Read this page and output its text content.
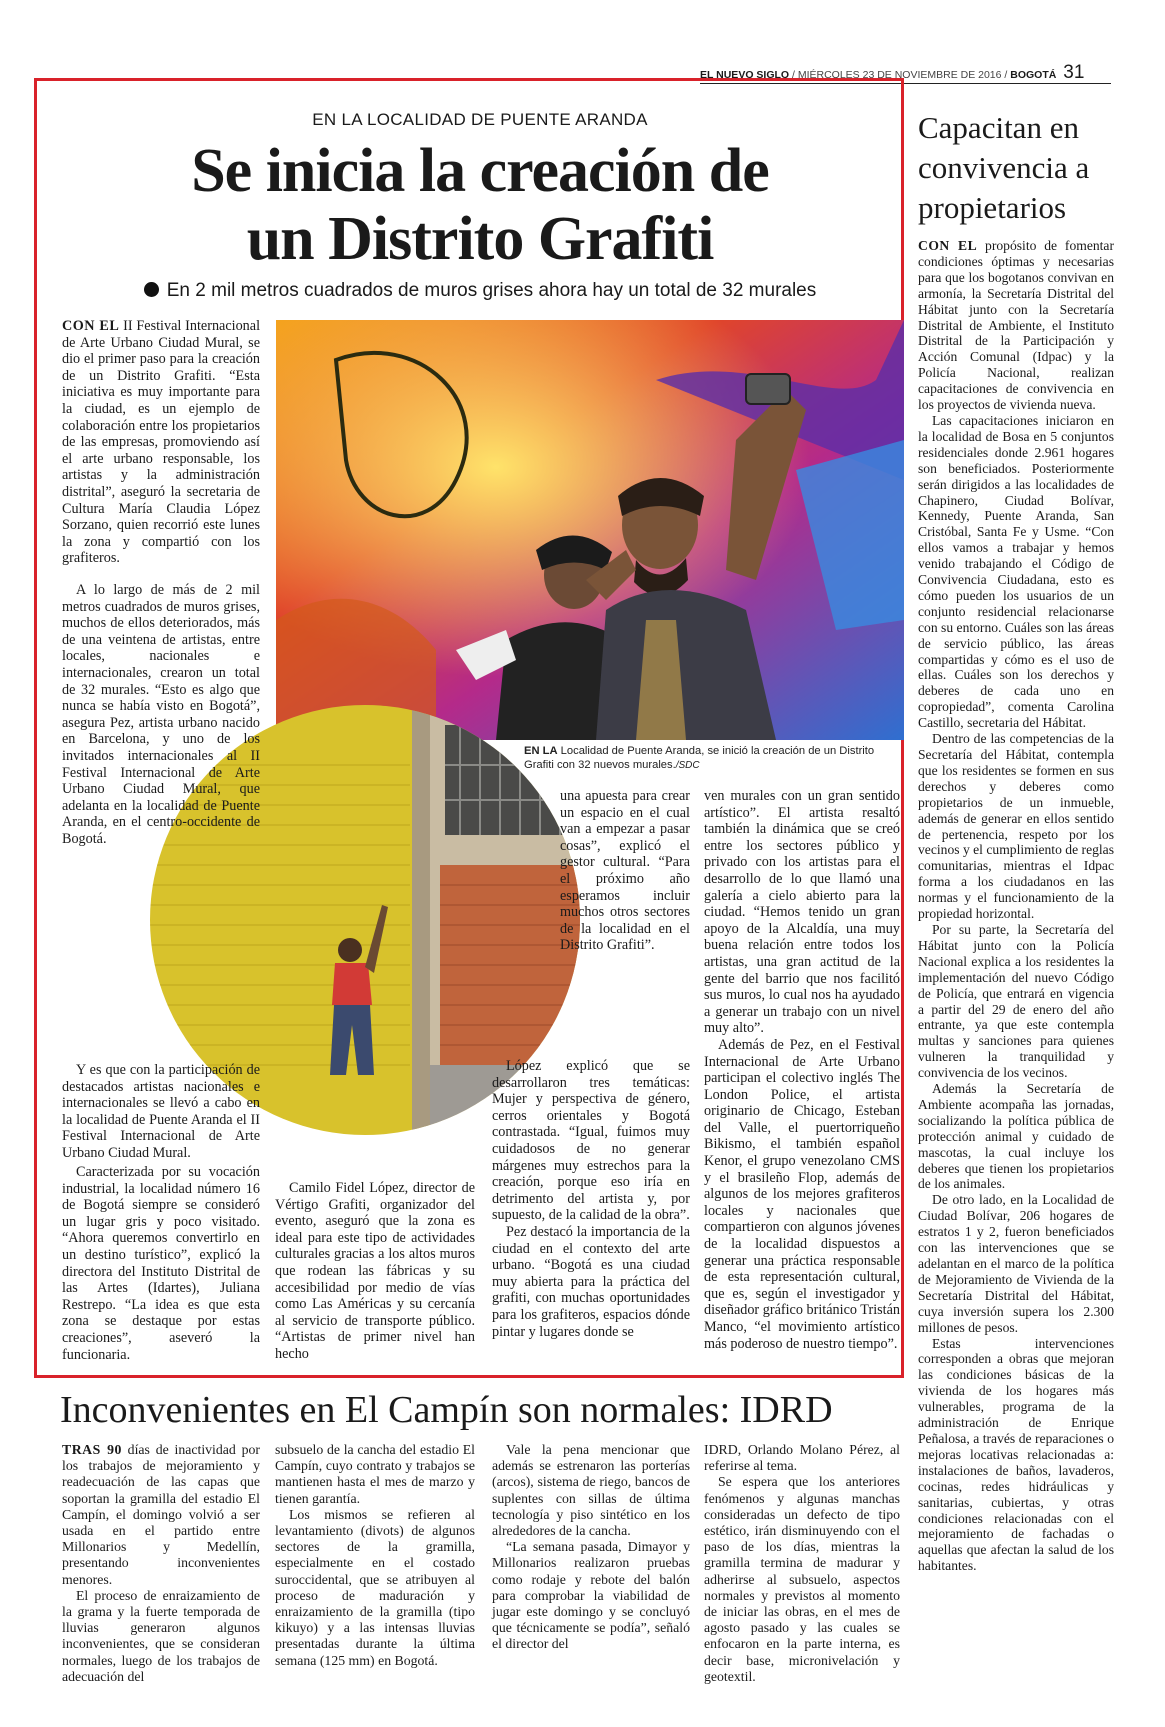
EL NUEVO SIGLO / MIÉRCOLES 23 DE NOVIEMBRE DE 2016 / BOGOTÁ 31
EN LA LOCALIDAD DE PUENTE ARANDA
Se inicia la creación de
un Distrito Grafiti
En 2 mil metros cuadrados de muros grises ahora hay un total de 32 murales
EN LA Localidad de Puente Aranda, se inició la creación de un Distrito Grafiti con 32 nuevos murales./SDC

CON EL II Festival Internacional de Arte Urbano Ciudad Mural, se dio el primer paso para la creación de un Distrito Grafiti. “Esta iniciativa es muy importante para la ciudad, es un ejemplo de colaboración entre los propietarios de las empresas, promoviendo así el arte urbano responsable, los artistas y la administración distrital”, aseguró la secretaria de Cultura María Claudia López Sorzano, quien recorrió este lunes la zona y compartió con los grafiteros.

A lo largo de más de 2 mil metros cuadrados de muros grises, muchos de ellos deteriorados, más de una veintena de artistas, entre locales, nacionales e internacionales, crearon un total de 32 murales. “Esto es algo que nunca se había visto en Bogotá”, asegura Pez, artista urbano nacido en Barcelona, y uno de los invitados internacionales al II Festival Internacional de Arte Urbano Ciudad Mural, que adelanta en la localidad de Puente Aranda, en el centro-occidente de Bogotá.

Y es que con la participación de destacados artistas nacionales e internacionales se llevó a cabo en la localidad de Puente Aranda el II Festival Internacional de Arte Urbano Ciudad Mural.

Caracterizada por su vocación industrial, la localidad número 16 de Bogotá siempre se consideró un lugar gris y poco visitado. “Ahora queremos convertirlo en un destino turístico”, explicó la directora del Instituto Distrital de las Artes (Idartes), Juliana Restrepo. “La idea es que esta zona se destaque por estas creaciones”, aseveró la funcionaria.

Camilo Fidel López, director de Vértigo Grafiti, organizador del evento, aseguró que la zona es ideal para este tipo de actividades culturales gracias a los altos muros que rodean las fábricas y su accesibilidad por medio de vías como Las Américas y su cercanía al servicio de transporte público. “Artistas de primer nivel han hecho

una apuesta para crear un espacio en el cual van a empezar a pasar cosas”, explicó el gestor cultural. “Para el próximo año esperamos incluir muchos otros sectores de la localidad en el Distrito Grafiti”.

López explicó que se desarrollaron tres temáticas: Mujer y perspectiva de género, cerros orientales y Bogotá contrastada. “Igual, fuimos muy cuidadosos de no generar márgenes muy estrechos para la creación, porque eso iría en detrimento del artista y, por supuesto, de la calidad de la obra”.

Pez destacó la importancia de la ciudad en el contexto del arte urbano. “Bogotá es una ciudad muy abierta para la práctica del grafiti, con muchas oportunidades para los grafiteros, espacios dónde pintar y lugares donde se

ven murales con un gran sentido artístico”. El artista resaltó también la dinámica que se creó entre los sectores público y privado con los artistas para el desarrollo de lo que llamó una galería a cielo abierto para la ciudad. “Hemos tenido un gran apoyo de la Alcaldía, una muy buena relación entre todos los artistas, una gran actitud de la gente del barrio que nos facilitó sus muros, lo cual nos ha ayudado a generar un trabajo con un nivel muy alto”.

Además de Pez, en el Festival Internacional de Arte Urbano participan el colectivo inglés The London Police, el artista originario de Chicago, Esteban del Valle, el puertorriqueño Bikismo, el también español Kenor, el grupo venezolano CMS y el brasileño Flop, además de algunos de los mejores grafiteros locales y nacionales que compartieron con algunos jóvenes de la localidad dispuestos a generar una práctica responsable de esta representación cultural, que es, según el investigador y diseñador gráfico británico Tristán Manco, “el movimiento artístico más poderoso de nuestro tiempo”.

Capacitan en convivencia a propietarios

CON EL propósito de fomentar condiciones óptimas y necesarias para que los bogotanos convivan en armonía, la Secretaría Distrital del Hábitat junto con la Secretaría Distrital de Ambiente, el Instituto Distrital de la Participación y Acción Comunal (Idpac) y la Policía Nacional, realizan capacitaciones de convivencia en los proyectos de vivienda nueva.

Las capacitaciones iniciaron en la localidad de Bosa en 5 conjuntos residenciales donde 2.961 hogares son beneficiados. Posteriormente serán dirigidos a las localidades de Chapinero, Ciudad Bolívar, Kennedy, Puente Aranda, San Cristóbal, Santa Fe y Usme. “Con ellos vamos a trabajar y hemos venido trabajando el Código de Convivencia Ciudadana, esto es cómo pueden los usuarios de un conjunto residencial relacionarse con su entorno. Cuáles son las áreas de servicio público, las áreas compartidas y cómo es el uso de ellas. Cuáles son los derechos y deberes de cada uno en copropiedad”, comenta Carolina Castillo, secretaria del Hábitat.

Dentro de las competencias de la Secretaría del Hábitat, contempla que los residentes se formen en sus derechos y deberes como propietarios de un inmueble, además de generar en ellos sentido de pertenencia, respeto por los vecinos y el cumplimiento de reglas comunitarias, mientras el Idpac forma a los ciudadanos en las normas y el funcionamiento de la propiedad horizontal.

Por su parte, la Secretaría del Hábitat junto con la Policía Nacional explica a los residentes la implementación del nuevo Código de Policía, que entrará en vigencia a partir del 29 de enero del año entrante, ya que este contempla multas y sanciones para quienes vulneren la tranquilidad y convivencia de los vecinos.

Además la Secretaría de Ambiente acompaña las jornadas, socializando la política pública de protección animal y cuidado de mascotas, la cual incluye los deberes que tienen los propietarios de los animales.

De otro lado, en la Localidad de Ciudad Bolívar, 206 hogares de estratos 1 y 2, fueron beneficiados con las intervenciones que se adelantan en el marco de la política de Mejoramiento de Vivienda de la Secretaría Distrital del Hábitat, cuya inversión supera los 2.300 millones de pesos.

Estas intervenciones corresponden a obras que mejoran las condiciones básicas de la vivienda de los hogares más vulnerables, programa de la administración de Enrique Peñalosa, a través de reparaciones o mejoras locativas relacionadas a: instalaciones de baños, lavaderos, cocinas, redes hidráulicas y sanitarias, cubiertas, y otras condiciones relacionadas con el mejoramiento de fachadas o aquellas que afectan la salud de los habitantes.

Inconvenientes en El Campín son normales: IDRD

TRAS 90 días de inactividad por los trabajos de mejoramiento y readecuación de las capas que soportan la gramilla del estadio El Campín, el domingo volvió a ser usada en el partido entre Millonarios y Medellín, presentando inconvenientes menores.

El proceso de enraizamiento de la grama y la fuerte temporada de lluvias generaron algunos inconvenientes, que se consideran normales, luego de los trabajos de adecuación del

subsuelo de la cancha del estadio El Campín, cuyo contrato y trabajos se mantienen hasta el mes de marzo y tienen garantía.

Los mismos se refieren al levantamiento (divots) de algunos sectores de la gramilla, especialmente en el costado suroccidental, que se atribuyen al proceso de maduración y enraizamiento de la gramilla (tipo kikuyo) y a las intensas lluvias presentadas durante la última semana (125 mm) en Bogotá.

Vale la pena mencionar que además se estrenaron las porterías (arcos), sistema de riego, bancos de suplentes con sillas de última tecnología y piso sintético en los alrededores de la cancha.

“La semana pasada, Dimayor y Millonarios realizaron pruebas como rodaje y rebote del balón para comprobar la viabilidad de jugar este domingo y se concluyó que técnicamente se podía”, señaló el director del

IDRD, Orlando Molano Pérez, al referirse al tema.

Se espera que los anteriores fenómenos y algunas manchas consideradas un defecto de tipo estético, irán disminuyendo con el paso de los días, mientras la gramilla termina de madurar y adherirse al subsuelo, aspectos normales y previstos al momento de iniciar las obras, en el mes de agosto pasado y las cuales se enfocaron en la parte interna, es decir base, micronivelación y geotextil.
